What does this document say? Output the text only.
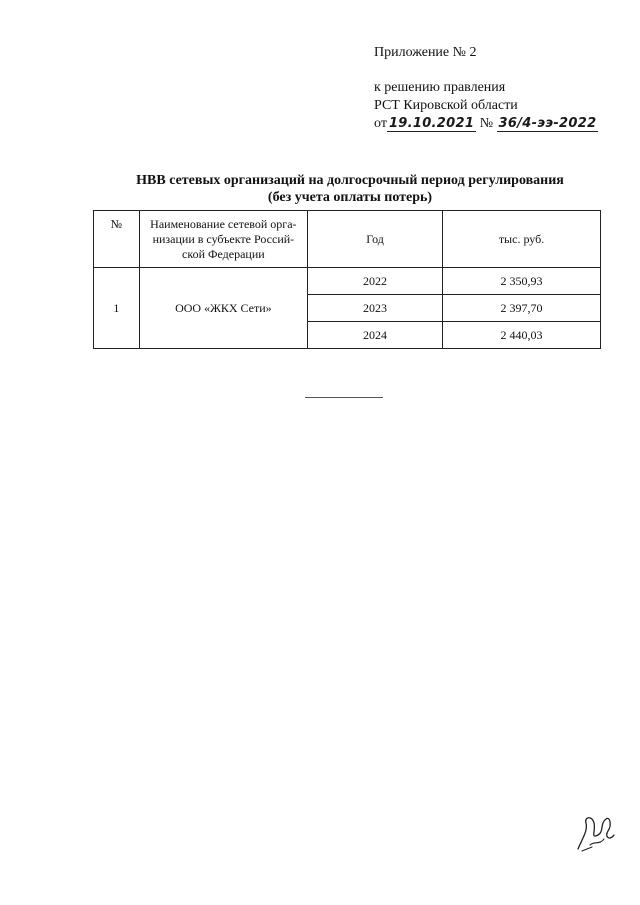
Приложение № 2
к решению правления
РСТ Кировской области
от 19.10.2021 № 36/4-ээ-2022
НВВ сетевых организаций на долгосрочный период регулирования
(без учета оплаты потерь)
№	Наименование сетевой орга-низации в субъекте Россий-ской Федерации	Год	тыс. руб.
1	ООО «ЖКХ Сети»	2022	2 350,93
		2023	2 397,70
		2024	2 440,03
